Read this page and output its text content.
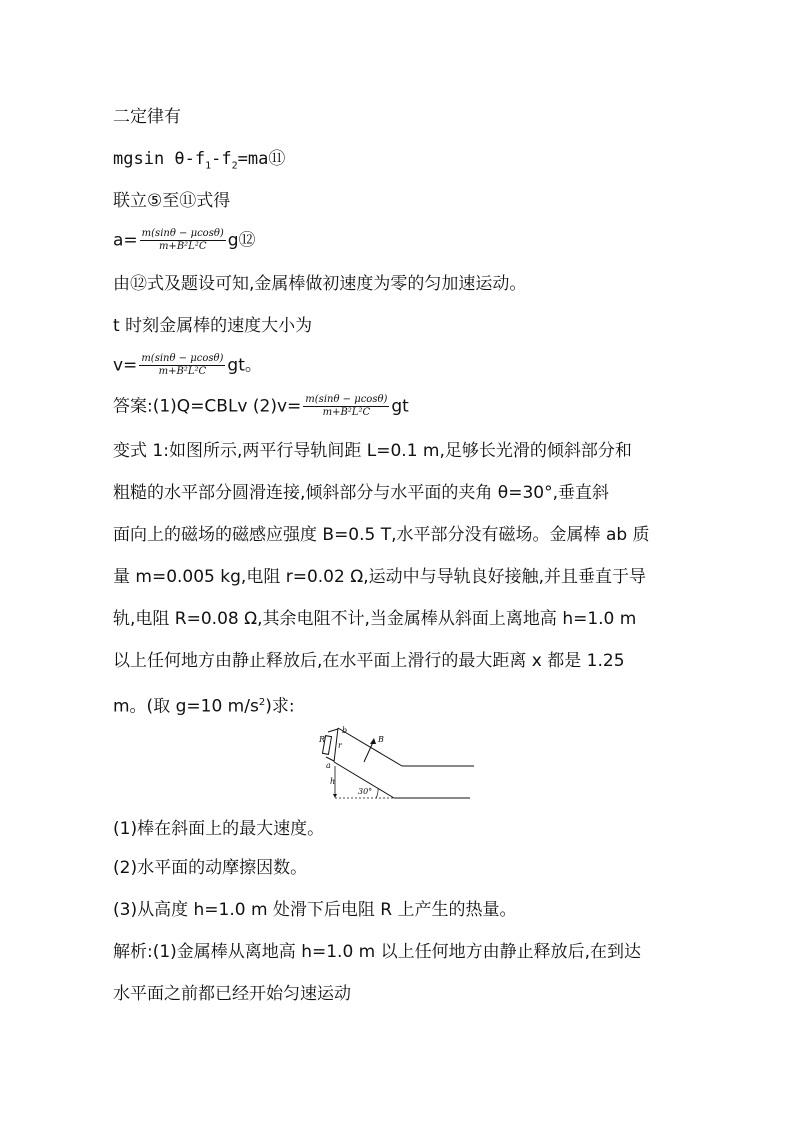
二定律有
mgsin $\theta-f_1-f_2=ma⑪$
联立⑤至⑪式得
$a= \frac{m(\sin\theta - \mu\cos\theta)}{\text{m+B²L²C}}$ g⑫
由⑫式及题设可知,金属棒做初速度为零的匀加速运动。
t 时刻金属棒的速度大小为
$v= \frac{m(\sin\theta - \mu\cos\theta)}{\text{m+B²L²C}}$ gt。
答案:(1)Q=CBLv $(2)v= \frac{m(\sin\theta - \mu\cos\theta)}{\text{m+B²L²C}}$ gt
变式 1:如图所示,两平行导轨间距 L=0.1 m,足够长光滑的倾斜部分和
粗糙的水平部分圆滑连接,倾斜部分与水平面的夹角 θ=30°,垂直斜
面向上的磁场的磁感应强度 B=0.5 T,水平部分没有磁场。金属棒 ab 质
量 m=0.005 kg,电阻 r=0.02 Ω,运动中与导轨良好接触,并且垂直于导
轨,电阻 R=0.08 Ω,其余电阻不计,当金属棒从斜面上离地高 h=1.0 m
以上任何地方由静止释放后,在水平面上滑行的最大距离 x 都是 1.25
m。(取 g=10 $m/s^2$)求:
R
b
r
B
a
h
30°
(1)棒在斜面上的最大速度。
(2)水平面的动摩擦因数。
(3)从高度 h=1.0 m 处滑下后电阻 R 上产生的热量。
解析:(1)金属棒从离地高 h=1.0 m 以上任何地方由静止释放后,在到达
水平面之前都已经开始匀速运动
